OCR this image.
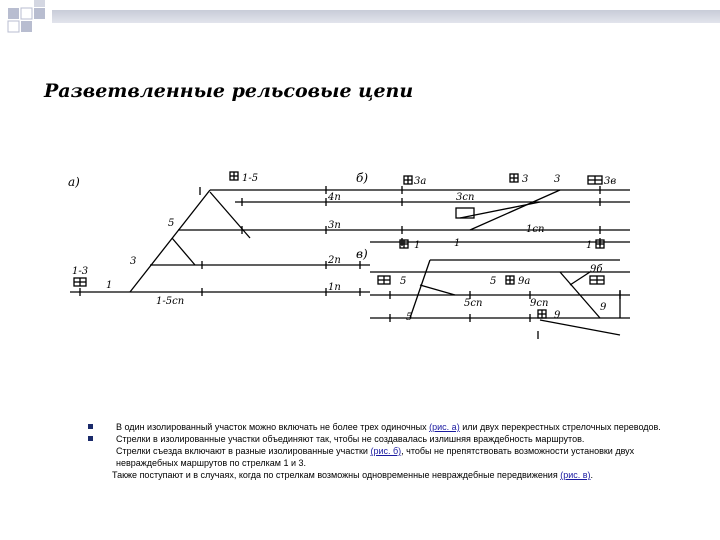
Разветвленные рельсовые цепи
а)	1-5
4п
3п
2п
1п
5
3
1
1-3
1-5сп
б)	3а	3	3	3в
3сп
1сп
1	1	1
в)
5	5 9а
9б
5сп	9сп
5	9
9
В один изолированный участок можно включать не более трех одиночных (рис. а) или двух перекрестных стрелочных переводов.
Стрелки в изолированные участки объединяют так, чтобы не создавалась излишняя враждебность маршрутов.
Стрелки съезда включают в разные изолированные участки (рис. б), чтобы не препятствовать возможности установки двух невраждебных маршрутов по стрелкам 1 и 3.
Также поступают и в случаях, когда по стрелкам возможны одновременные невраждебные передвижения (рис. в).
